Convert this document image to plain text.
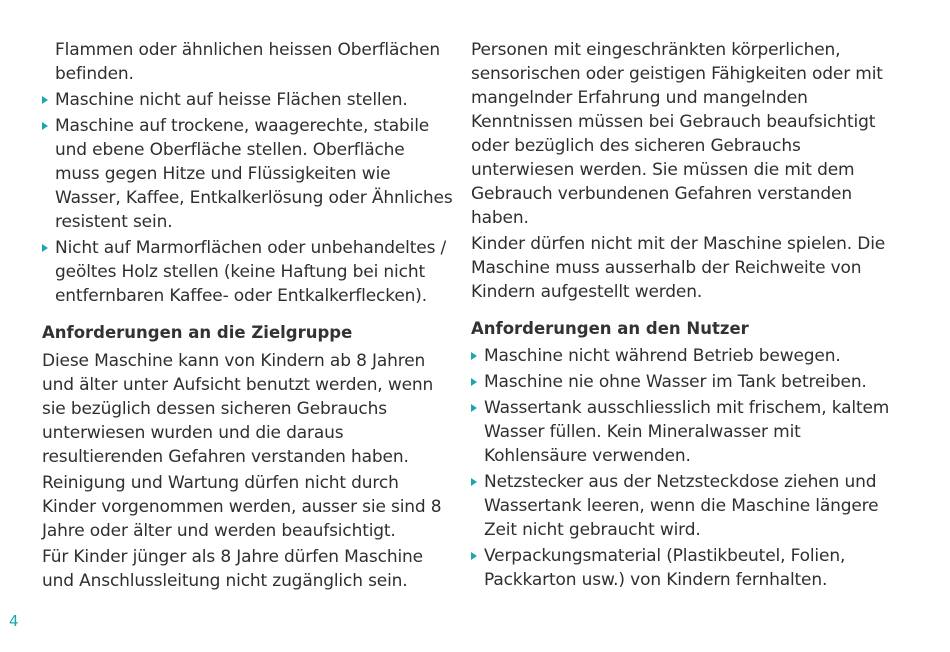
Flammen oder ähnlichen heissen Oberflächen befinden.

Maschine nicht auf heisse Flächen stellen.
Maschine auf trockene, waagerechte, stabile und ebene Oberfläche stellen. Oberfläche muss gegen Hitze und Flüssigkeiten wie Wasser, Kaffee, Entkalkerlösung oder Ähnliches resistent sein.
Nicht auf Marmorflächen oder unbehandeltes / geöltes Holz stellen (keine Haftung bei nicht entfernbaren Kaffee- oder Entkalkerflecken).
Anforderungen an die Zielgruppe

Diese Maschine kann von Kindern ab 8 Jahren und älter unter Aufsicht benutzt werden, wenn sie bezüglich dessen sicheren Gebrauchs unterwiesen wurden und die daraus resultierenden Gefahren verstanden haben.

Reinigung und Wartung dürfen nicht durch Kinder vorgenommen werden, ausser sie sind 8 Jahre oder älter und werden beaufsichtigt.

Für Kinder jünger als 8 Jahre dürfen Maschine und Anschlussleitung nicht zugänglich sein.

Personen mit eingeschränkten körperlichen, sensorischen oder geistigen Fähigkeiten oder mit mangelnder Erfahrung und mangelnden Kenntnissen müssen bei Gebrauch beaufsichtigt oder bezüglich des sicheren Gebrauchs unterwiesen werden. Sie müssen die mit dem Gebrauch verbundenen Gefahren verstanden haben.

Kinder dürfen nicht mit der Maschine spielen. Die Maschine muss ausserhalb der Reichweite von Kindern aufgestellt werden.

Anforderungen an den Nutzer
Maschine nicht während Betrieb bewegen.
Maschine nie ohne Wasser im Tank betreiben.
Wassertank ausschliesslich mit frischem, kaltem Wasser füllen. Kein Mineralwasser mit Kohlensäure verwenden.
Netzstecker aus der Netzsteckdose ziehen und Wassertank leeren, wenn die Maschine längere Zeit nicht gebraucht wird.
Verpackungsmaterial (Plastikbeutel, Folien, Packkarton usw.) von Kindern fernhalten.
4
